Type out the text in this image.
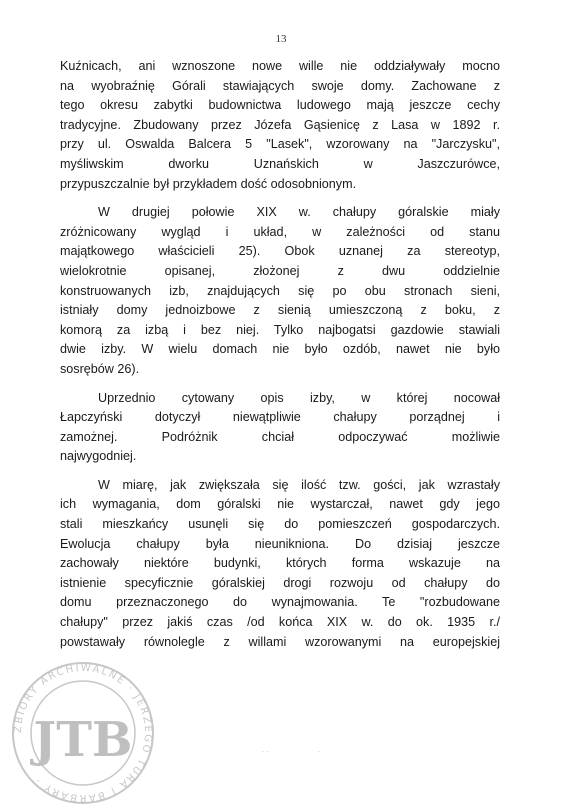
13
Kuźnicach, ani wznoszone nowe wille nie oddziaływały mocno
na wyobraźnię Górali stawiających swoje domy. Zachowane z
tego okresu zabytki budownictwa ludowego mają jeszcze cechy
tradycyjne. Zbudowany przez Józefa Gąsienicę z Lasa w 1892 r.
przy ul. Oswalda Balcera 5 "Lasek", wzorowany na "Jarczysku",
myśliwskim dworku Uznańskich w Jaszczurówce,
przypuszczalnie był przykładem dość odosobnionym.
W drugiej połowie XIX w. chałupy góralskie miały
zróżnicowany wygląd i układ, w zależności od stanu
majątkowego właścicieli 25). Obok uznanej za stereotyp,
wielokrotnie opisanej, złożonej z dwu oddzielnie
konstruowanych izb, znajdujących się po obu stronach sieni,
istniały domy jednoizbowe z sienią umieszczoną z boku, z
komorą za izbą i bez niej. Tylko najbogatsi gazdowie stawiali
dwie izby. W wielu domach nie było ozdób, nawet nie było
sosrębów 26).
Uprzednio cytowany opis izby, w której nocował
Łapczyński dotyczył niewątpliwie chałupy porządnej i
zamożnej. Podróżnik chciał odpoczywać możliwie
najwygodniej.
W miarę, jak zwiększała się ilość tzw. gości, jak wzrastały
ich wymagania, dom góralski nie wystarczał, nawet gdy jego
stali mieszkańcy usunęli się do pomieszczeń gospodarczych.
Ewolucja chałupy była nieunikniona. Do dzisiaj jeszcze
zachowały niektóre budynki, których forma wskazuje na
istnienie specyficznie góralskiej drogi rozwoju od chałupy do
domu przeznaczonego do wynajmowania. Te "rozbudowane
chałupy" przez jakiś czas /od końca XIX w. do ok. 1935 r./
powstawały równolegle z willami wzorowanymi na europejskiej
ZBIORY ARCHIWALNE · JERZEGO TURA I BARBARY ·
JTB	· ·	·
